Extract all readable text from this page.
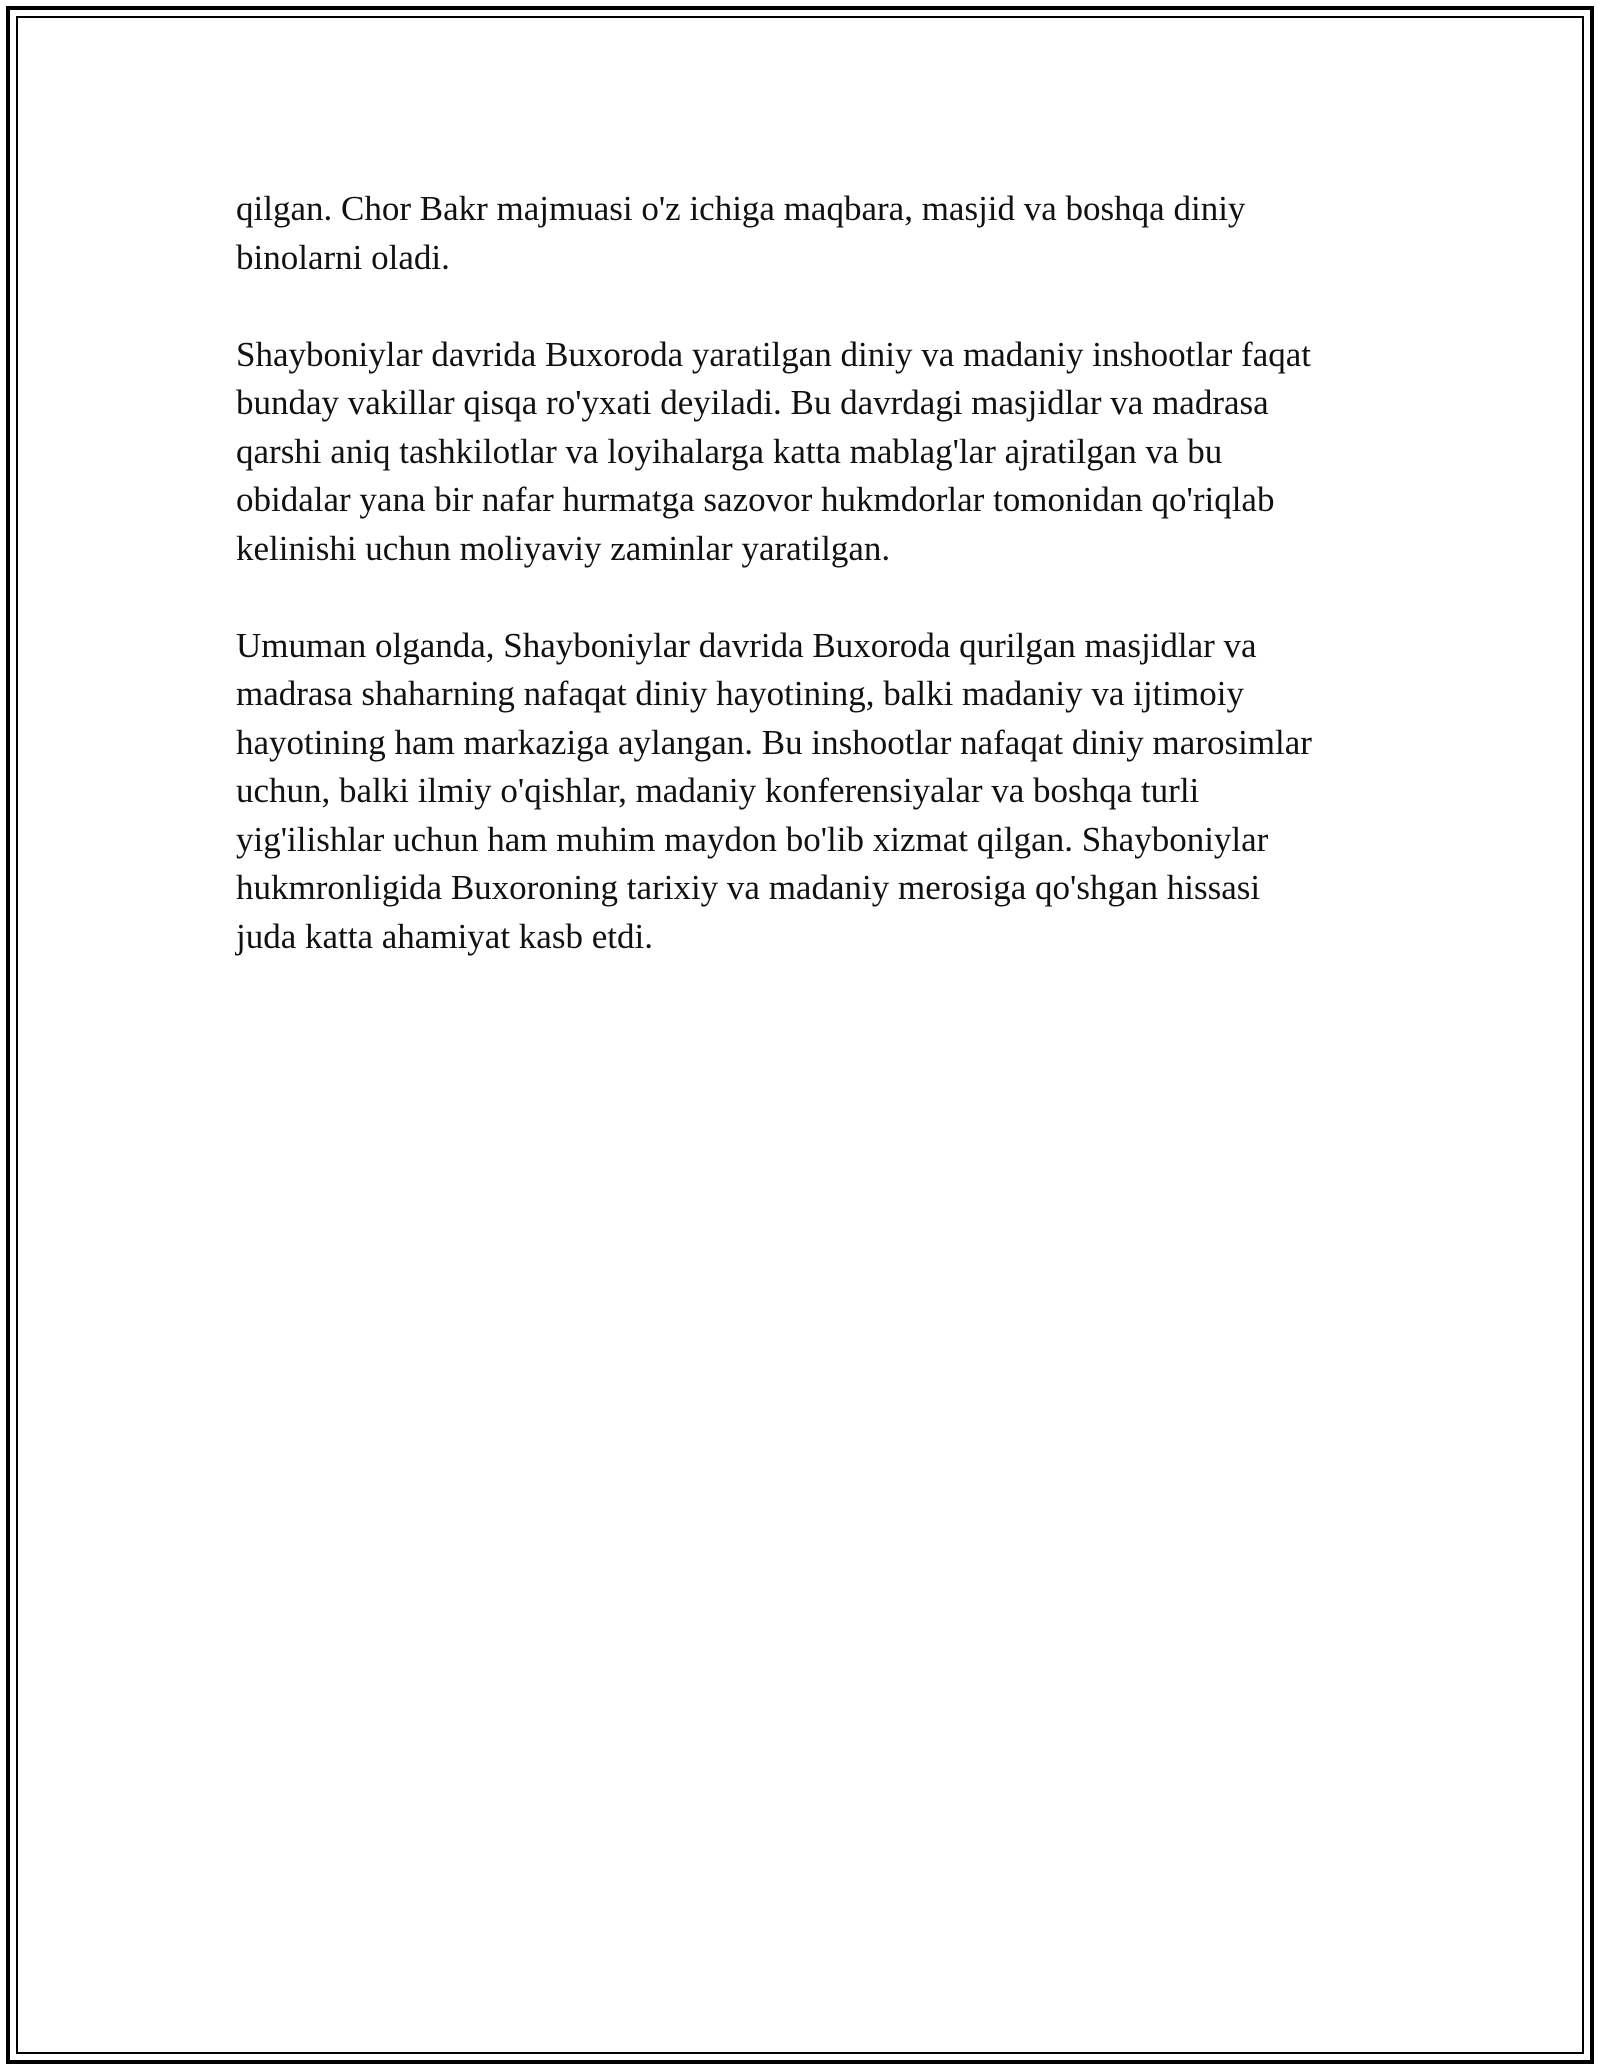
qilgan. Chor Bakr majmuasi o'z ichiga maqbara, masjid va boshqa diniy
binolarni oladi.

Shayboniylar davrida Buxoroda yaratilgan diniy va madaniy inshootlar faqat
bunday vakillar qisqa ro'yxati deyiladi. Bu davrdagi masjidlar va madrasa
qarshi aniq tashkilotlar va loyihalarga katta mablag'lar ajratilgan va bu
obidalar yana bir nafar hurmatga sazovor hukmdorlar tomonidan qo'riqlab
kelinishi uchun moliyaviy zaminlar yaratilgan.

Umuman olganda, Shayboniylar davrida Buxoroda qurilgan masjidlar va
madrasa shaharning nafaqat diniy hayotining, balki madaniy va ijtimoiy
hayotining ham markaziga aylangan. Bu inshootlar nafaqat diniy marosimlar
uchun, balki ilmiy o'qishlar, madaniy konferensiyalar va boshqa turli
yig'ilishlar uchun ham muhim maydon bo'lib xizmat qilgan. Shayboniylar
hukmronligida Buxoroning tarixiy va madaniy merosiga qo'shgan hissasi
juda katta ahamiyat kasb etdi.
